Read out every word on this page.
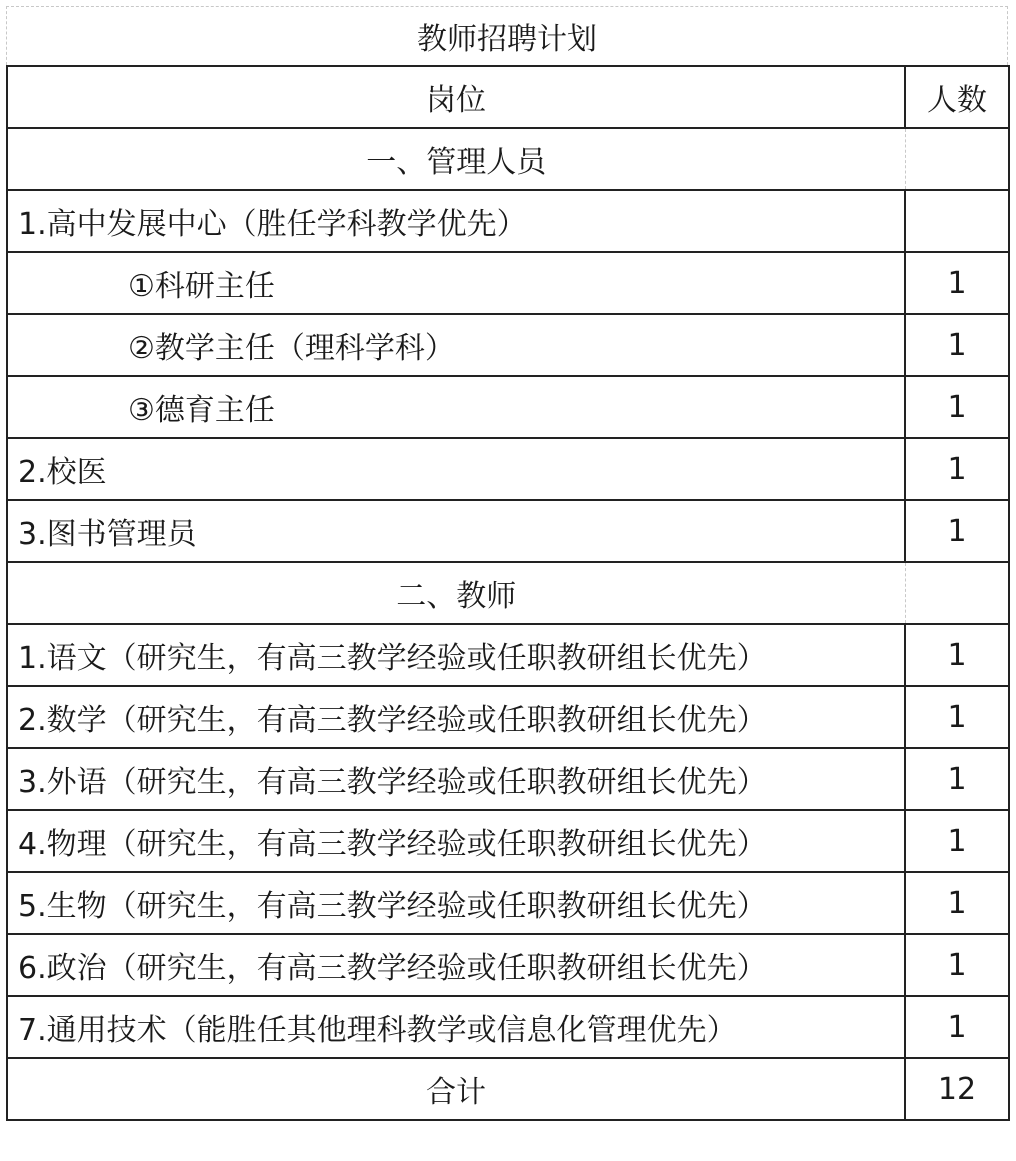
教师招聘计划
岗位	人数
一、管理人员	
1.高中发展中心（胜任学科教学优先）	
①科研主任	1
②教学主任（理科学科）	1
③德育主任	1
2.校医	1
3.图书管理员	1
二、教师	
1.语文（研究生，有高三教学经验或任职教研组长优先）	1
2.数学（研究生，有高三教学经验或任职教研组长优先）	1
3.外语（研究生，有高三教学经验或任职教研组长优先）	1
4.物理（研究生，有高三教学经验或任职教研组长优先）	1
5.生物（研究生，有高三教学经验或任职教研组长优先）	1
6.政治（研究生，有高三教学经验或任职教研组长优先）	1
7.通用技术（能胜任其他理科教学或信息化管理优先）	1
合计	12
